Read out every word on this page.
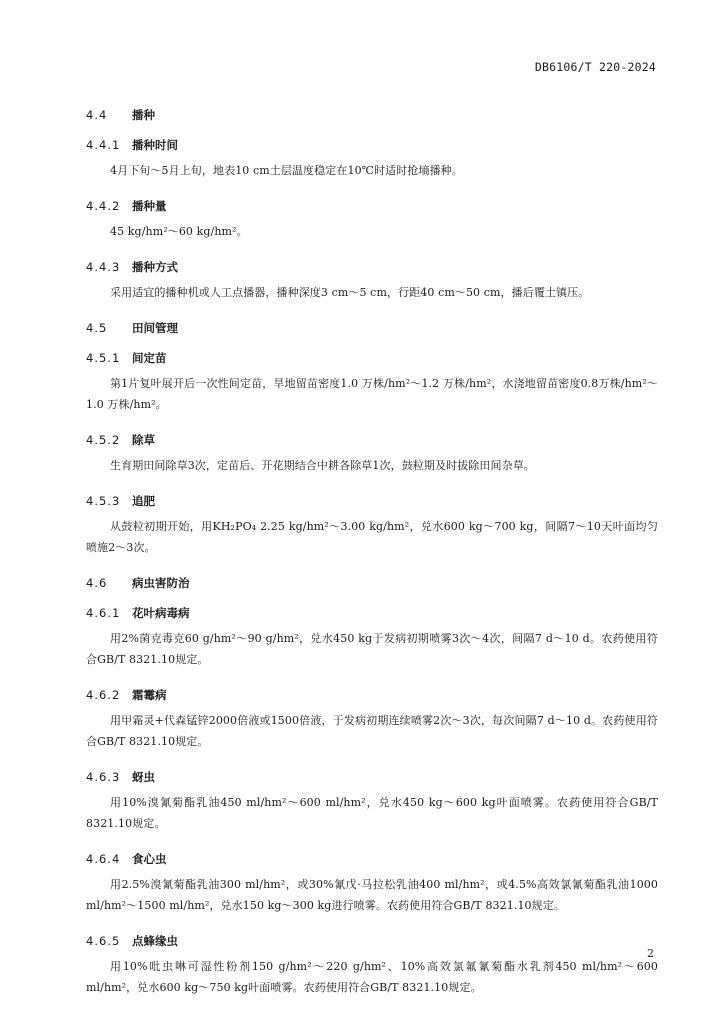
DB6106/T 220-2024
4.4 播种
4.4.1 播种时间
4月下旬～5月上旬，地表10 cm土层温度稳定在10℃时适时抢墒播种。
4.4.2 播种量
45 kg/hm²～60 kg/hm²。
4.4.3 播种方式
采用适宜的播种机或人工点播器，播种深度3 cm～5 cm，行距40 cm～50 cm，播后覆土镇压。
4.5 田间管理
4.5.1 间定苗
第1片复叶展开后一次性间定苗，旱地留苗密度1.0 万株/hm²～1.2 万株/hm²，水浇地留苗密度0.8万株/hm²～1.0 万株/hm²。
4.5.2 除草
生育期田间除草3次，定苗后、开花期结合中耕各除草1次，鼓粒期及时拔除田间杂草。
4.5.3 追肥
从鼓粒初期开始，用KH₂PO₄ 2.25 kg/hm²～3.00 kg/hm²，兑水600 kg～700 kg，间隔7～10天叶面均匀喷施2～3次。
4.6 病虫害防治
4.6.1 花叶病毒病
用2%菌克毒克60 g/hm²～90 g/hm²，兑水450 kg于发病初期喷雾3次～4次，间隔7 d～10 d。农药使用符合GB/T 8321.10规定。
4.6.2 霜霉病
用甲霜灵+代森锰锌2000倍液或1500倍液，于发病初期连续喷雾2次～3次，每次间隔7 d～10 d。农药使用符合GB/T 8321.10规定。
4.6.3 蚜虫
用10%溴氰菊酯乳油450 ml/hm²～600 ml/hm²，兑水450 kg～600 kg叶面喷雾。农药使用符合GB/T 8321.10规定。
4.6.4 食心虫
用2.5%溴氰菊酯乳油300 ml/hm²，或30%氰戊·马拉松乳油400 ml/hm²，或4.5%高效氯氰菊酯乳油1000 ml/hm²～1500 ml/hm²，兑水150 kg～300 kg进行喷雾。农药使用符合GB/T 8321.10规定。
4.6.5 点蜂缘虫
用10%吡虫啉可湿性粉剂150 g/hm²～220 g/hm²、10%高效氯氟氰菊酯水乳剂450 ml/hm²～600 ml/hm²，兑水600 kg～750 kg叶面喷雾。农药使用符合GB/T 8321.10规定。
2
